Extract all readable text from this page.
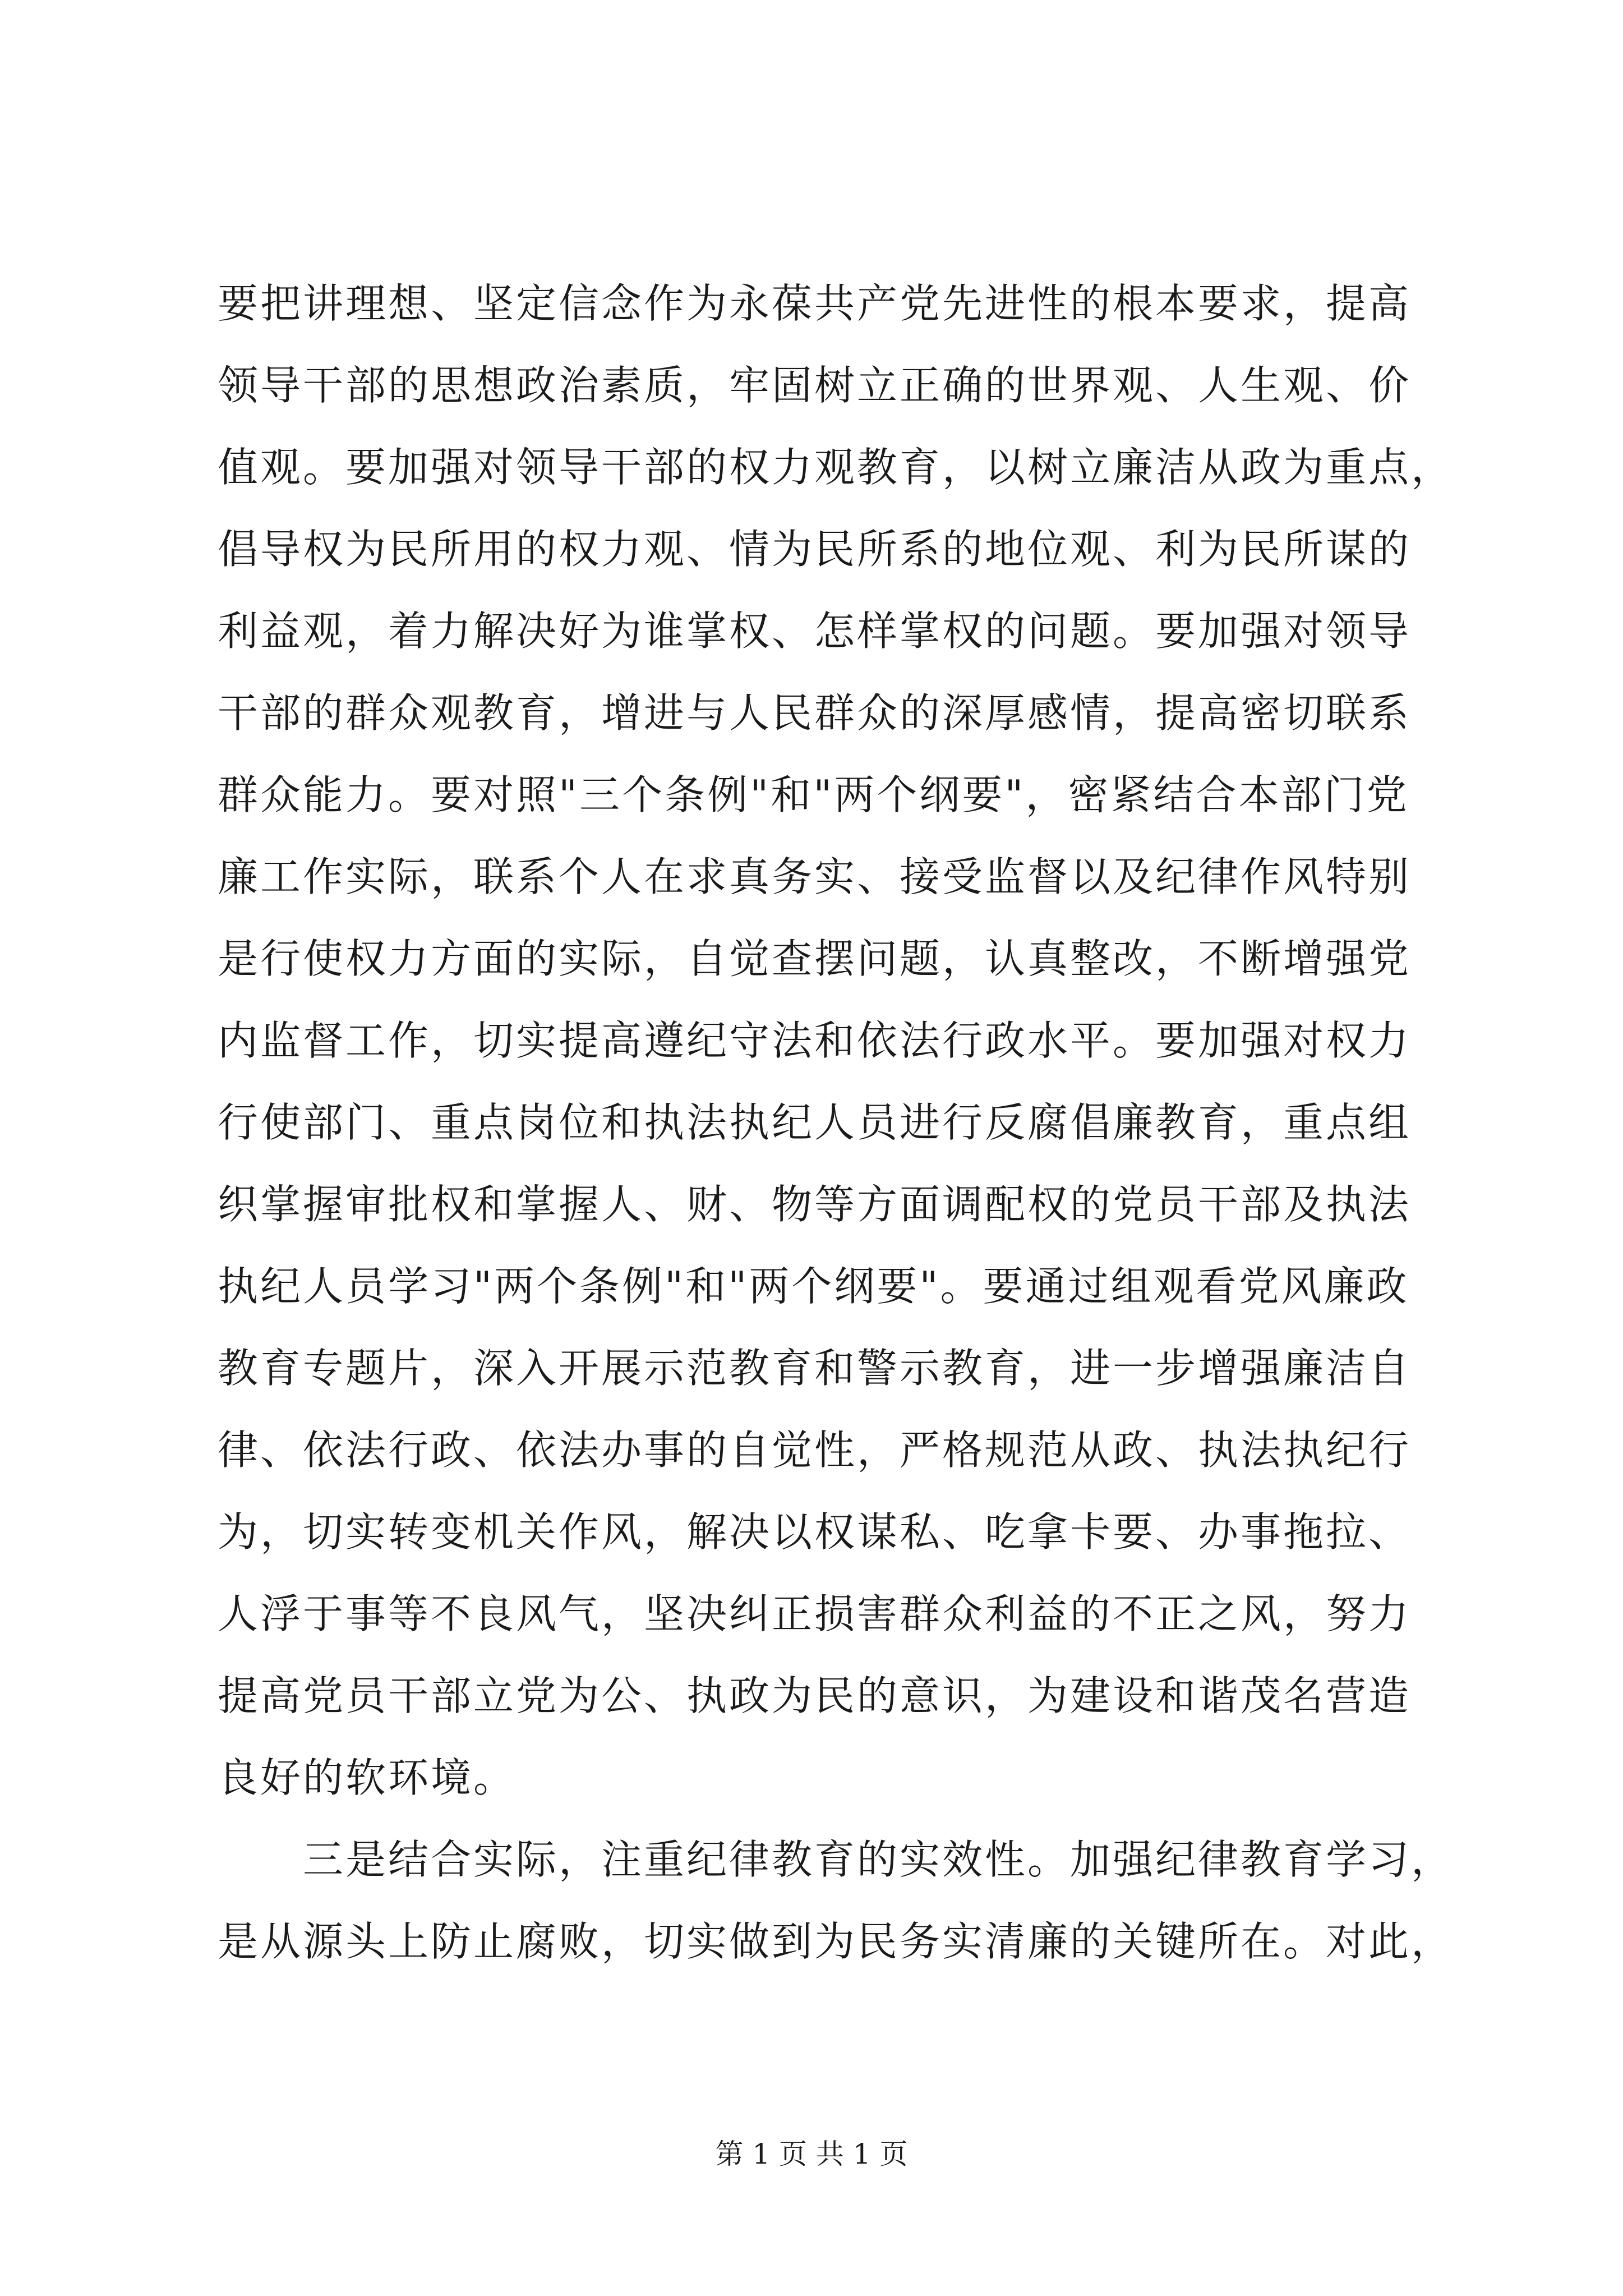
要把讲理想、坚定信念作为永葆共产党先进性的根本要求，提高
领导干部的思想政治素质，牢固树立正确的世界观、人生观、价
值观。要加强对领导干部的权力观教育，以树立廉洁从政为重点，
倡导权为民所用的权力观、情为民所系的地位观、利为民所谋的
利益观，着力解决好为谁掌权、怎样掌权的问题。要加强对领导
干部的群众观教育，增进与人民群众的深厚感情，提高密切联系
群众能力。要对照"三个条例"和"两个纲要"，密紧结合本部门党
廉工作实际，联系个人在求真务实、接受监督以及纪律作风特别
是行使权力方面的实际，自觉查摆问题，认真整改，不断增强党
内监督工作，切实提高遵纪守法和依法行政水平。要加强对权力
行使部门、重点岗位和执法执纪人员进行反腐倡廉教育，重点组
织掌握审批权和掌握人、财、物等方面调配权的党员干部及执法
执纪人员学习"两个条例"和"两个纲要"。要通过组观看党风廉政
教育专题片，深入开展示范教育和警示教育，进一步增强廉洁自
律、依法行政、依法办事的自觉性，严格规范从政、执法执纪行
为，切实转变机关作风，解决以权谋私、吃拿卡要、办事拖拉、
人浮于事等不良风气，坚决纠正损害群众利益的不正之风，努力
提高党员干部立党为公、执政为民的意识，为建设和谐茂名营造
良好的软环境。
　　三是结合实际，注重纪律教育的实效性。加强纪律教育学习，
是从源头上防止腐败，切实做到为民务实清廉的关键所在。对此，
第 1 页 共 1 页
